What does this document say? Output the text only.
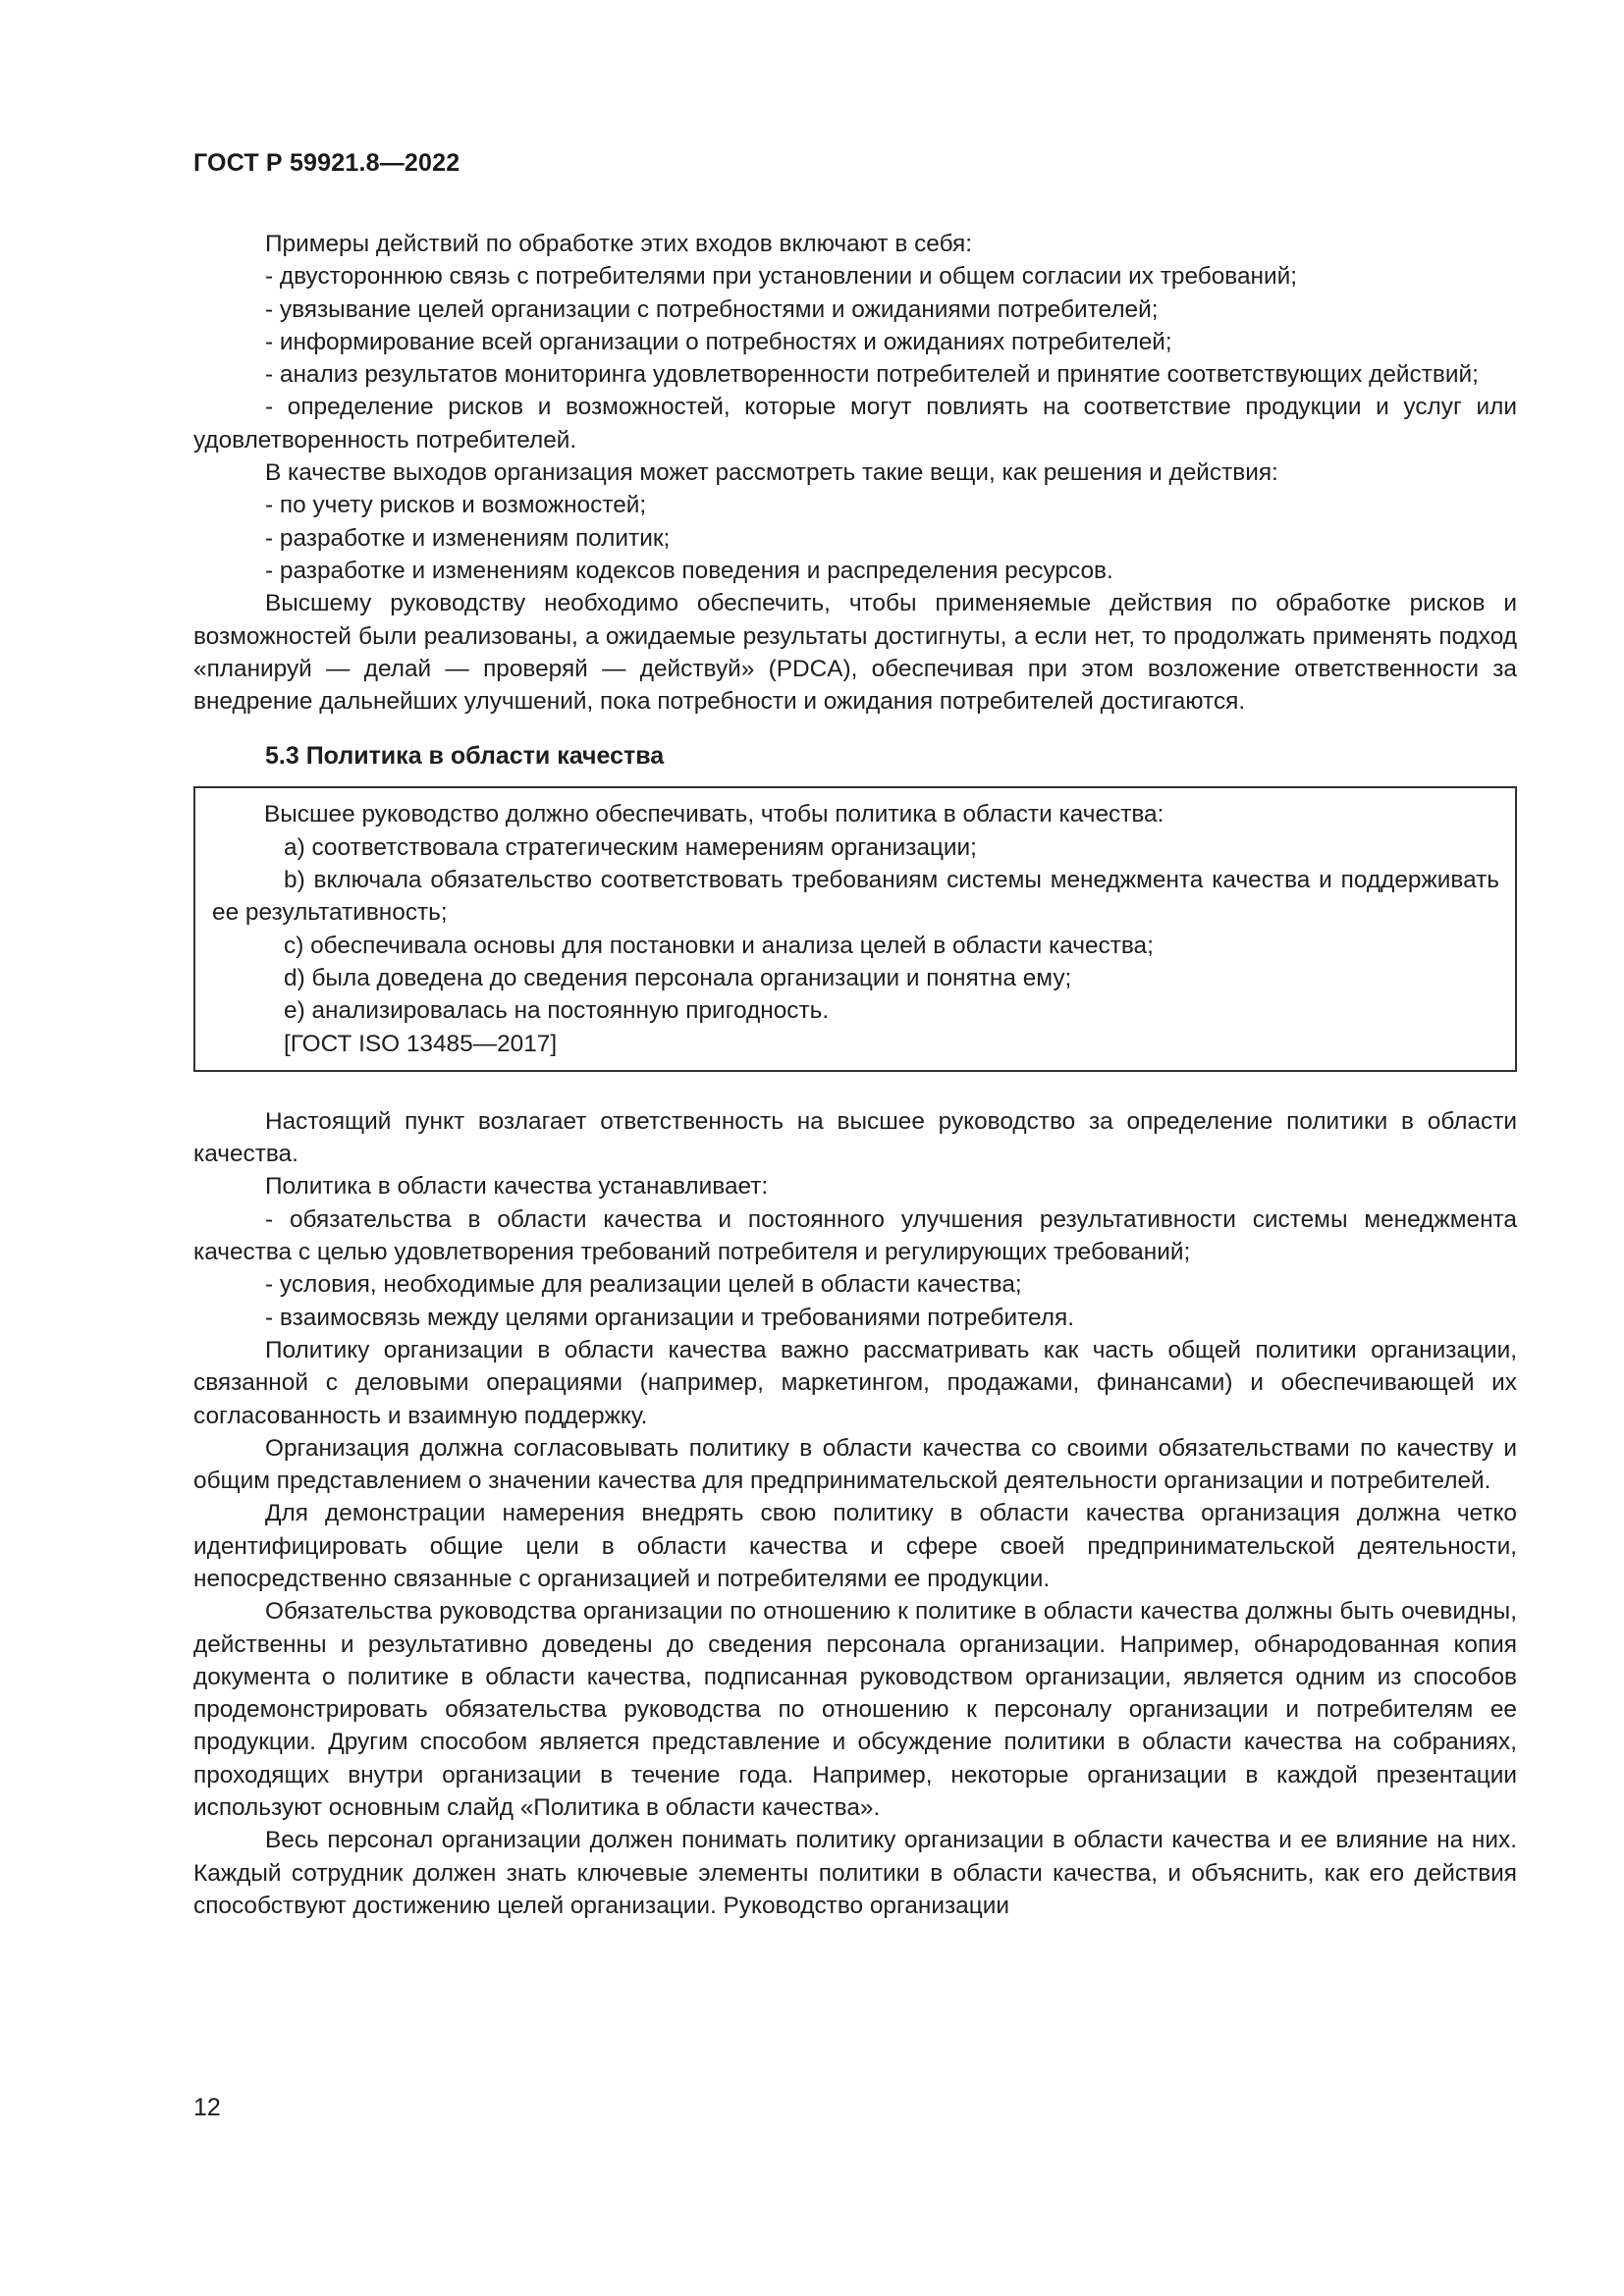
ГОСТ Р 59921.8—2022

Примеры действий по обработке этих входов включают в себя:

- двустороннюю связь с потребителями при установлении и общем согласии их требований;

- увязывание целей организации с потребностями и ожиданиями потребителей;

- информирование всей организации о потребностях и ожиданиях потребителей;

- анализ результатов мониторинга удовлетворенности потребителей и принятие соответствующих действий;

- определение рисков и возможностей, которые могут повлиять на соответствие продукции и услуг или удовлетворенность потребителей.

В качестве выходов организация может рассмотреть такие вещи, как решения и действия:

- по учету рисков и возможностей;

- разработке и изменениям политик;

- разработке и изменениям кодексов поведения и распределения ресурсов.

Высшему руководству необходимо обеспечить, чтобы применяемые действия по обработке рисков и возможностей были реализованы, а ожидаемые результаты достигнуты, а если нет, то продолжать применять подход «планируй — делай — проверяй — действуй» (PDCA), обеспечивая при этом возложение ответственности за внедрение дальнейших улучшений, пока потребности и ожидания потребителей достигаются.

5.3 Политика в области качества

Высшее руководство должно обеспечивать, чтобы политика в области качества:

a) соответствовала стратегическим намерениям организации;

b) включала обязательство соответствовать требованиям системы менеджмента качества и поддерживать ее результативность;

c) обеспечивала основы для постановки и анализа целей в области качества;

d) была доведена до сведения персонала организации и понятна ему;

e) анализировалась на постоянную пригодность.

[ГОСТ ISO 13485—2017]

Настоящий пункт возлагает ответственность на высшее руководство за определение политики в области качества.

Политика в области качества устанавливает:

- обязательства в области качества и постоянного улучшения результативности системы менеджмента качества с целью удовлетворения требований потребителя и регулирующих требований;

- условия, необходимые для реализации целей в области качества;

- взаимосвязь между целями организации и требованиями потребителя.

Политику организации в области качества важно рассматривать как часть общей политики организации, связанной с деловыми операциями (например, маркетингом, продажами, финансами) и обеспечивающей их согласованность и взаимную поддержку.

Организация должна согласовывать политику в области качества со своими обязательствами по качеству и общим представлением о значении качества для предпринимательской деятельности организации и потребителей.

Для демонстрации намерения внедрять свою политику в области качества организация должна четко идентифицировать общие цели в области качества и сфере своей предпринимательской деятельности, непосредственно связанные с организацией и потребителями ее продукции.

Обязательства руководства организации по отношению к политике в области качества должны быть очевидны, действенны и результативно доведены до сведения персонала организации. Например, обнародованная копия документа о политике в области качества, подписанная руководством организации, является одним из способов продемонстрировать обязательства руководства по отношению к персоналу организации и потребителям ее продукции. Другим способом является представление и обсуждение политики в области качества на собраниях, проходящих внутри организации в течение года. Например, некоторые организации в каждой презентации используют основным слайд «Политика в области качества».

Весь персонал организации должен понимать политику организации в области качества и ее влияние на них. Каждый сотрудник должен знать ключевые элементы политики в области качества, и объяснить, как его действия способствуют достижению целей организации. Руководство организации

12
